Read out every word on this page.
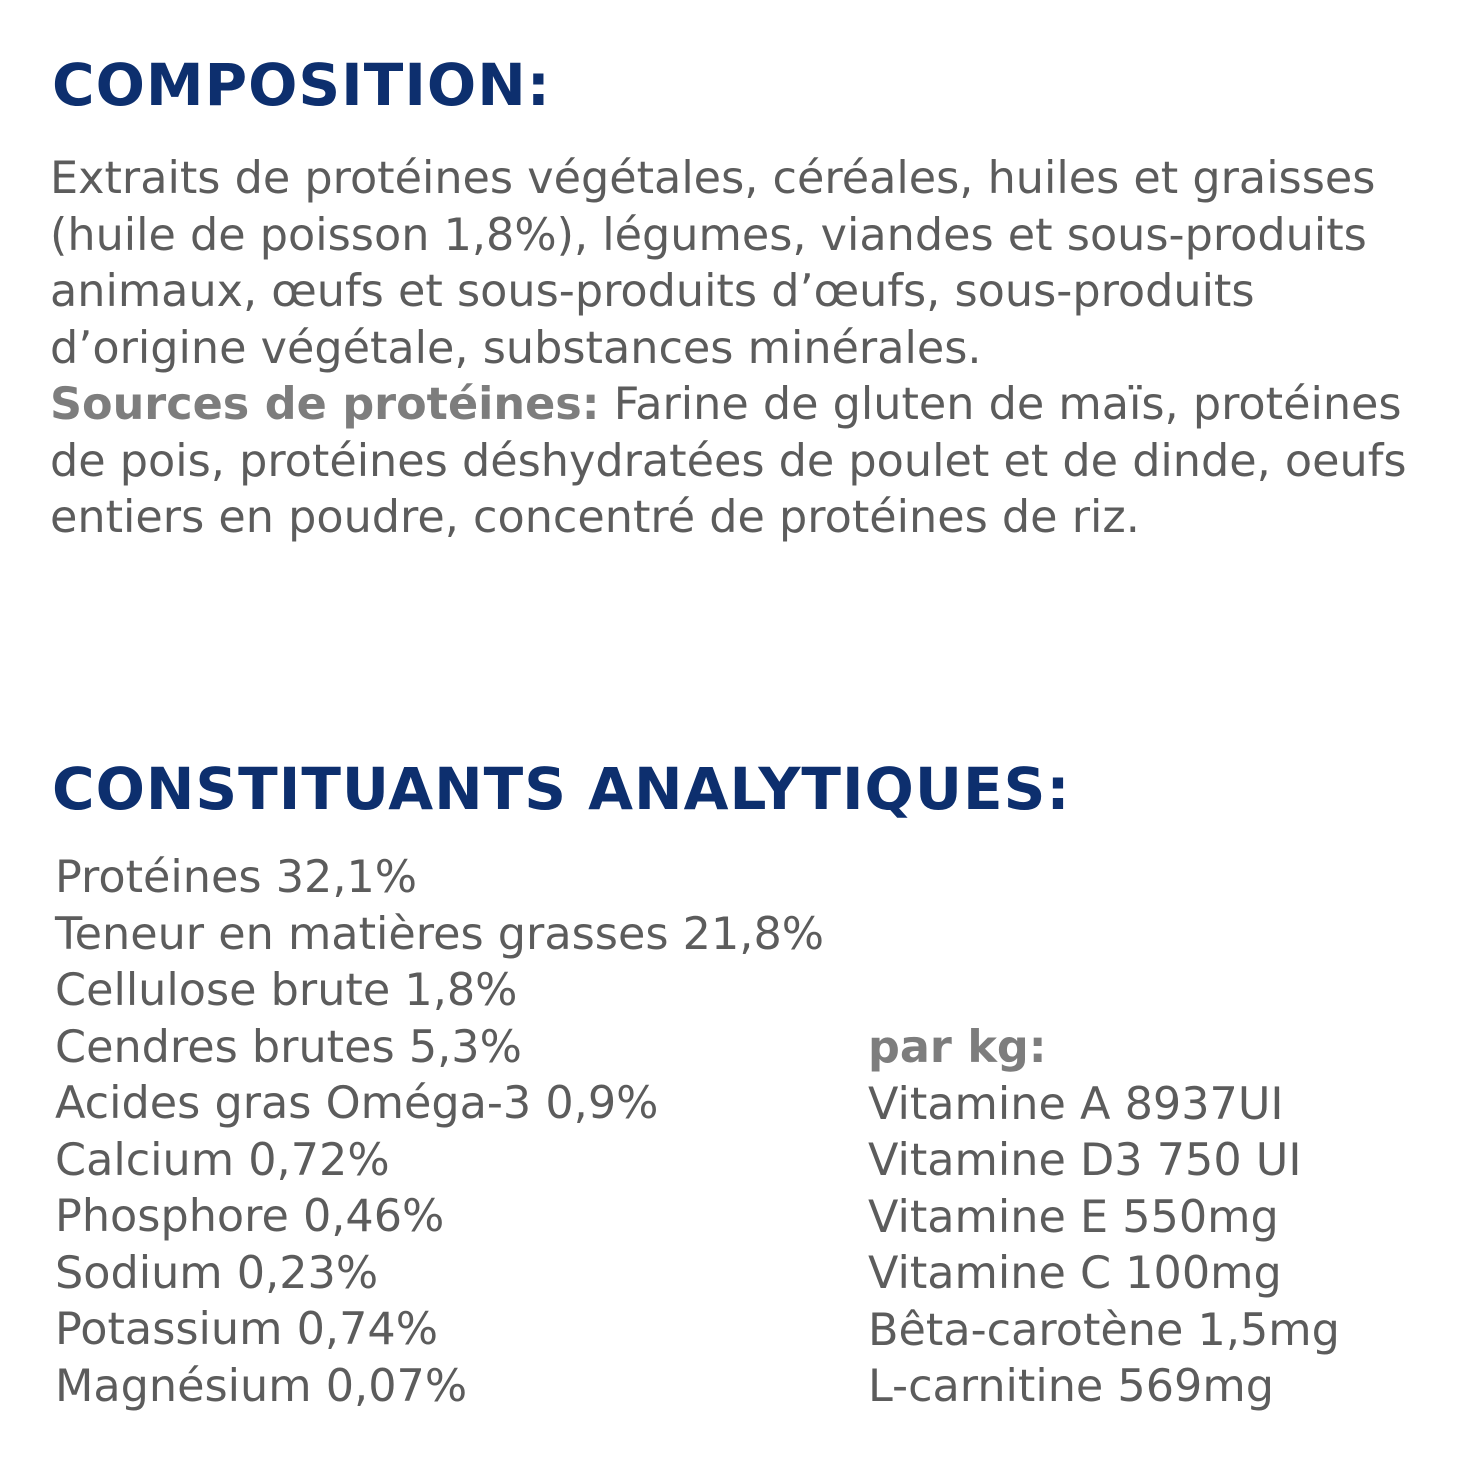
COMPOSITION:

Extraits de protéines végétales, céréales, huiles et graisses (huile de poisson 1,8%), légumes, viandes et sous-produits animaux, œufs et sous-produits d’œufs, sous-produits d’origine végétale, substances minérales.

Sources de protéines: Farine de gluten de maïs, protéines de pois, protéines déshydratées de poulet et de dinde, oeufs entiers en poudre, concentré de protéines de riz.

CONSTITUANTS ANALYTIQUES:
Protéines 32,1%
Teneur en matières grasses 21,8%
Cellulose brute 1,8%
Cendres brutes 5,3%
Acides gras Oméga-3 0,9%
Calcium 0,72%
Phosphore 0,46%
Sodium 0,23%
Potassium 0,74%
Magnésium 0,07%
par kg:
Vitamine A 8937UI
Vitamine D3 750 UI
Vitamine E 550mg
Vitamine C 100mg
Bêta-carotène 1,5mg
L-carnitine 569mg
